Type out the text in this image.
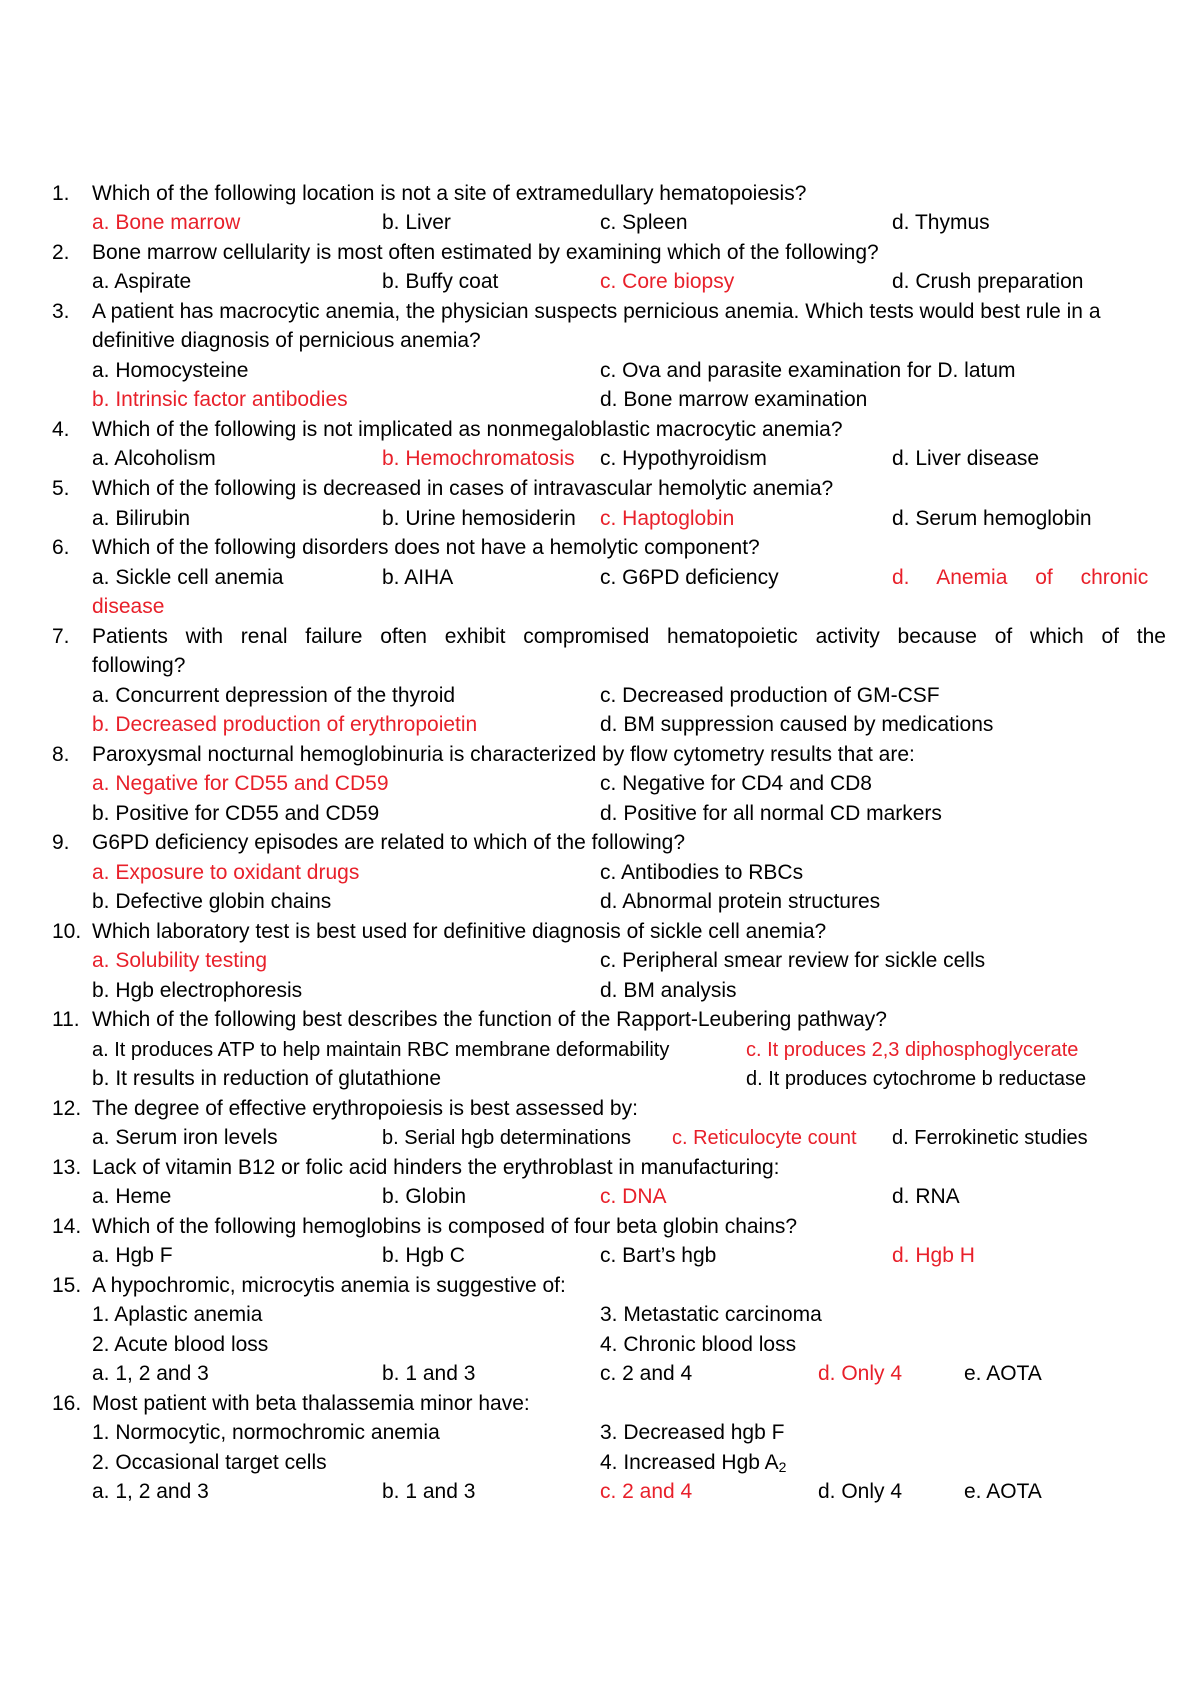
1. Which of the following location is not a site of extramedullary hematopoiesis?
a. Bone marrow	b. Liver	c. Spleen	d. Thymus
2. Bone marrow cellularity is most often estimated by examining which of the following?
a. Aspirate	b. Buffy coat	c. Core biopsy	d. Crush preparation
3. A patient has macrocytic anemia, the physician suspects pernicious anemia. Which tests would best rule in a
definitive diagnosis of pernicious anemia?
a. Homocysteine	c. Ova and parasite examination for D. latum
b. Intrinsic factor antibodies	d. Bone marrow examination
4. Which of the following is not implicated as nonmegaloblastic macrocytic anemia?
a. Alcoholism	b. Hemochromatosis c. Hypothyroidism	d. Liver disease
5. Which of the following is decreased in cases of intravascular hemolytic anemia?
a. Bilirubin	b. Urine hemosiderin c. Haptoglobin	d. Serum hemoglobin
6. Which of the following disorders does not have a hemolytic component?
a. Sickle cell anemia	b. AIHA	c. G6PD deficiency	d. Anemia of chronic
disease
7. Patients with renal failure often exhibit compromised hematopoietic activity because of which of the
following?
a. Concurrent depression of the thyroid	c. Decreased production of GM-CSF
b. Decreased production of erythropoietin	d. BM suppression caused by medications
8. Paroxysmal nocturnal hemoglobinuria is characterized by flow cytometry results that are:
a. Negative for CD55 and CD59	c. Negative for CD4 and CD8
b. Positive for CD55 and CD59	d. Positive for all normal CD markers
9. G6PD deficiency episodes are related to which of the following?
a. Exposure to oxidant drugs	c. Antibodies to RBCs
b. Defective globin chains	d. Abnormal protein structures
10. Which laboratory test is best used for definitive diagnosis of sickle cell anemia?
a. Solubility testing	c. Peripheral smear review for sickle cells
b. Hgb electrophoresis	d. BM analysis
11. Which of the following best describes the function of the Rapport-Leubering pathway?
a. It produces ATP to help maintain RBC membrane deformability	c. It produces 2,3 diphosphoglycerate
b. It results in reduction of glutathione	d. It produces cytochrome b reductase
12. The degree of effective erythropoiesis is best assessed by:
a. Serum iron levels	b. Serial hgb determinations c. Reticulocyte count d. Ferrokinetic studies
13. Lack of vitamin B12 or folic acid hinders the erythroblast in manufacturing:
a. Heme	b. Globin	c. DNA	d. RNA
14. Which of the following hemoglobins is composed of four beta globin chains?
a. Hgb F	b. Hgb C	c. Bart’s hgb	d. Hgb H
15. A hypochromic, microcytis anemia is suggestive of:
1. Aplastic anemia	3. Metastatic carcinoma
2. Acute blood loss	4. Chronic blood loss
a. 1, 2 and 3	b. 1 and 3	c. 2 and 4	d. Only 4	e. AOTA
16. Most patient with beta thalassemia minor have:
1. Normocytic, normochromic anemia	3. Decreased hgb F
2. Occasional target cells	4. Increased Hgb A2
a. 1, 2 and 3	b. 1 and 3	c. 2 and 4	d. Only 4	e. AOTA
